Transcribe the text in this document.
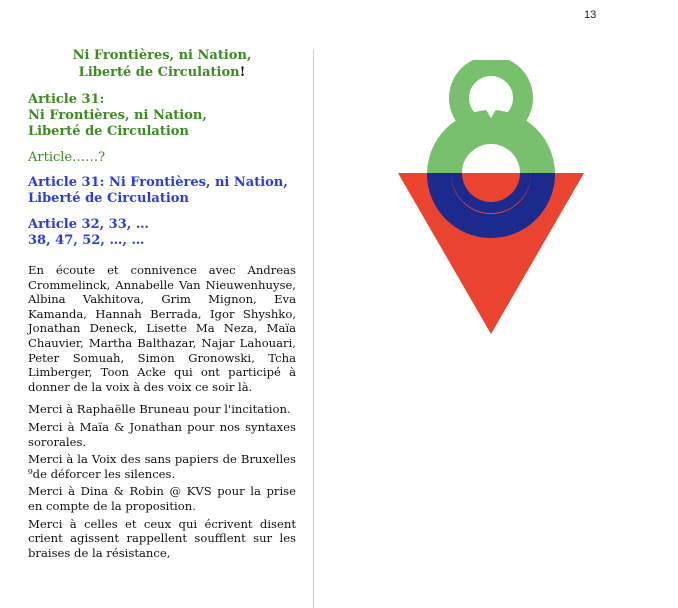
13
Ni Frontières, ni Nation,
Liberté de Circulation!
Article 31:
Ni Frontières, ni Nation,
Liberté de Circulation
Article……?
Article 31: Ni Frontières, ni Nation,
Liberté de Circulation
Article 32, 33, …
38, 47, 52, …, …

En écoute et connivence avec Andreas Crommelinck, Annabelle Van Nieuwenhuyse, Albina Vakhitova, Grim Mignon, Eva Kamanda, Hannah Berrada, Igor Shyshko, Jonathan Deneck, Lisette Ma Neza, Maïa Chauvier, Martha Balthazar, Najar Lahouari, Peter Somuah, Simon Gronowski, Tcha Limberger, Toon Acke qui ont participé à donner de la voix à des voix ce soir là.

Merci à Raphaëlle Bruneau pour l'incitation.

Merci à Maïa & Jonathan pour nos syntaxes sororales.

Merci à la Voix des sans papiers de Bruxelles ⁹de déforcer les silences.

Merci à Dina & Robin @ KVS pour la prise en compte de la proposition.

Merci à celles et ceux qui écrivent disent crient agissent rappellent soufflent sur les braises de la résistance,
